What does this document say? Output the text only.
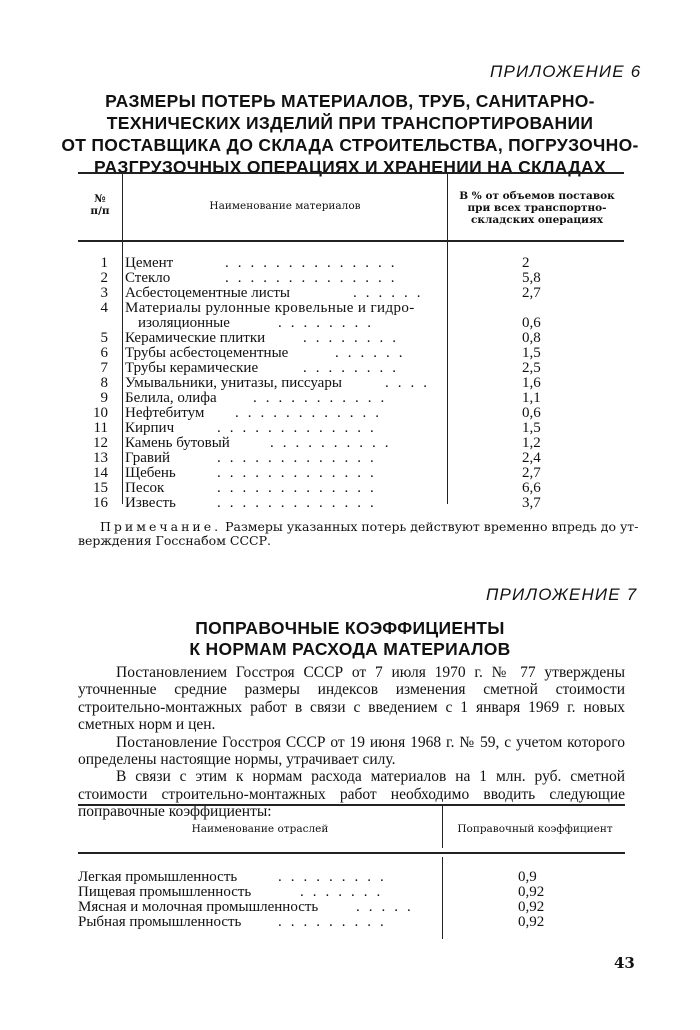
ПРИЛОЖЕНИЕ 6
РАЗМЕРЫ ПОТЕРЬ МАТЕРИАЛОВ, ТРУБ, САНИТАРНО-
ТЕХНИЧЕСКИХ ИЗДЕЛИЙ ПРИ ТРАНСПОРТИРОВАНИИ
ОТ ПОСТАВЩИКА ДО СКЛАДА СТРОИТЕЛЬСТВА, ПОГРУЗОЧНО-
РАЗГРУЗОЧНЫХ ОПЕРАЦИЯХ И ХРАНЕНИИ НА СКЛАДАХ
№
п/п	Наименование материалов
В % от объемов поставок
при всех транспортно-
складских операциях
1 Цемент	..............	2
2 Стекло	..............	5,8
3 Асбестоцементные листы	......	2,7
4 Материалы рулонные кровельные и гидро-
изоляционные	........	0,6
5 Керамические плитки	........	0,8
6 Трубы асбестоцементные	......	1,5
7 Трубы керамические	........	2,5
8 Умывальники, унитазы, писсуары	....	1,6
9 Белила, олифа ...........	1,1
10 Нефтебитум ............	0,6
11 Кирпич	.............	1,5
12 Камень бутовый	..........	1,2
13 Гравий	.............	2,4
14 Щебень	.............	2,7
15 Песок	.............	6,6
16 Известь	.............	3,7
Примечание. Размеры указанных потерь действуют временно впредь до ут-
верждения Госснабом СССР.
ПРИЛОЖЕНИЕ 7
ПОПРАВОЧНЫЕ КОЭФФИЦИЕНТЫ
К НОРМАМ РАСХОДА МАТЕРИАЛОВ

Постановлением Госстроя СССР от 7 июля 1970 г. № 77 утверждены уточненные средние размеры индексов изменения сметной стоимости строительно-монтажных работ в связи с введением с 1 января 1969 г. новых сметных норм и цен.

Постановление Госстроя СССР от 19 июня 1968 г. № 59, с учетом которого определены настоящие нормы, утрачивает силу.

В связи с этим к нормам расхода материалов на 1 млн. руб. сметной стоимости строительно-монтажных работ необходимо вводить следующие поправочные коэффициенты:

Наименование отраслей	Поправочный коэффициент
Легкая промышленность	.........	0,9
Пищевая промышленность	.......	0,92
Мясная и молочная промышленность	.....	0,92
Рыбная промышленность .........	0,92
43
